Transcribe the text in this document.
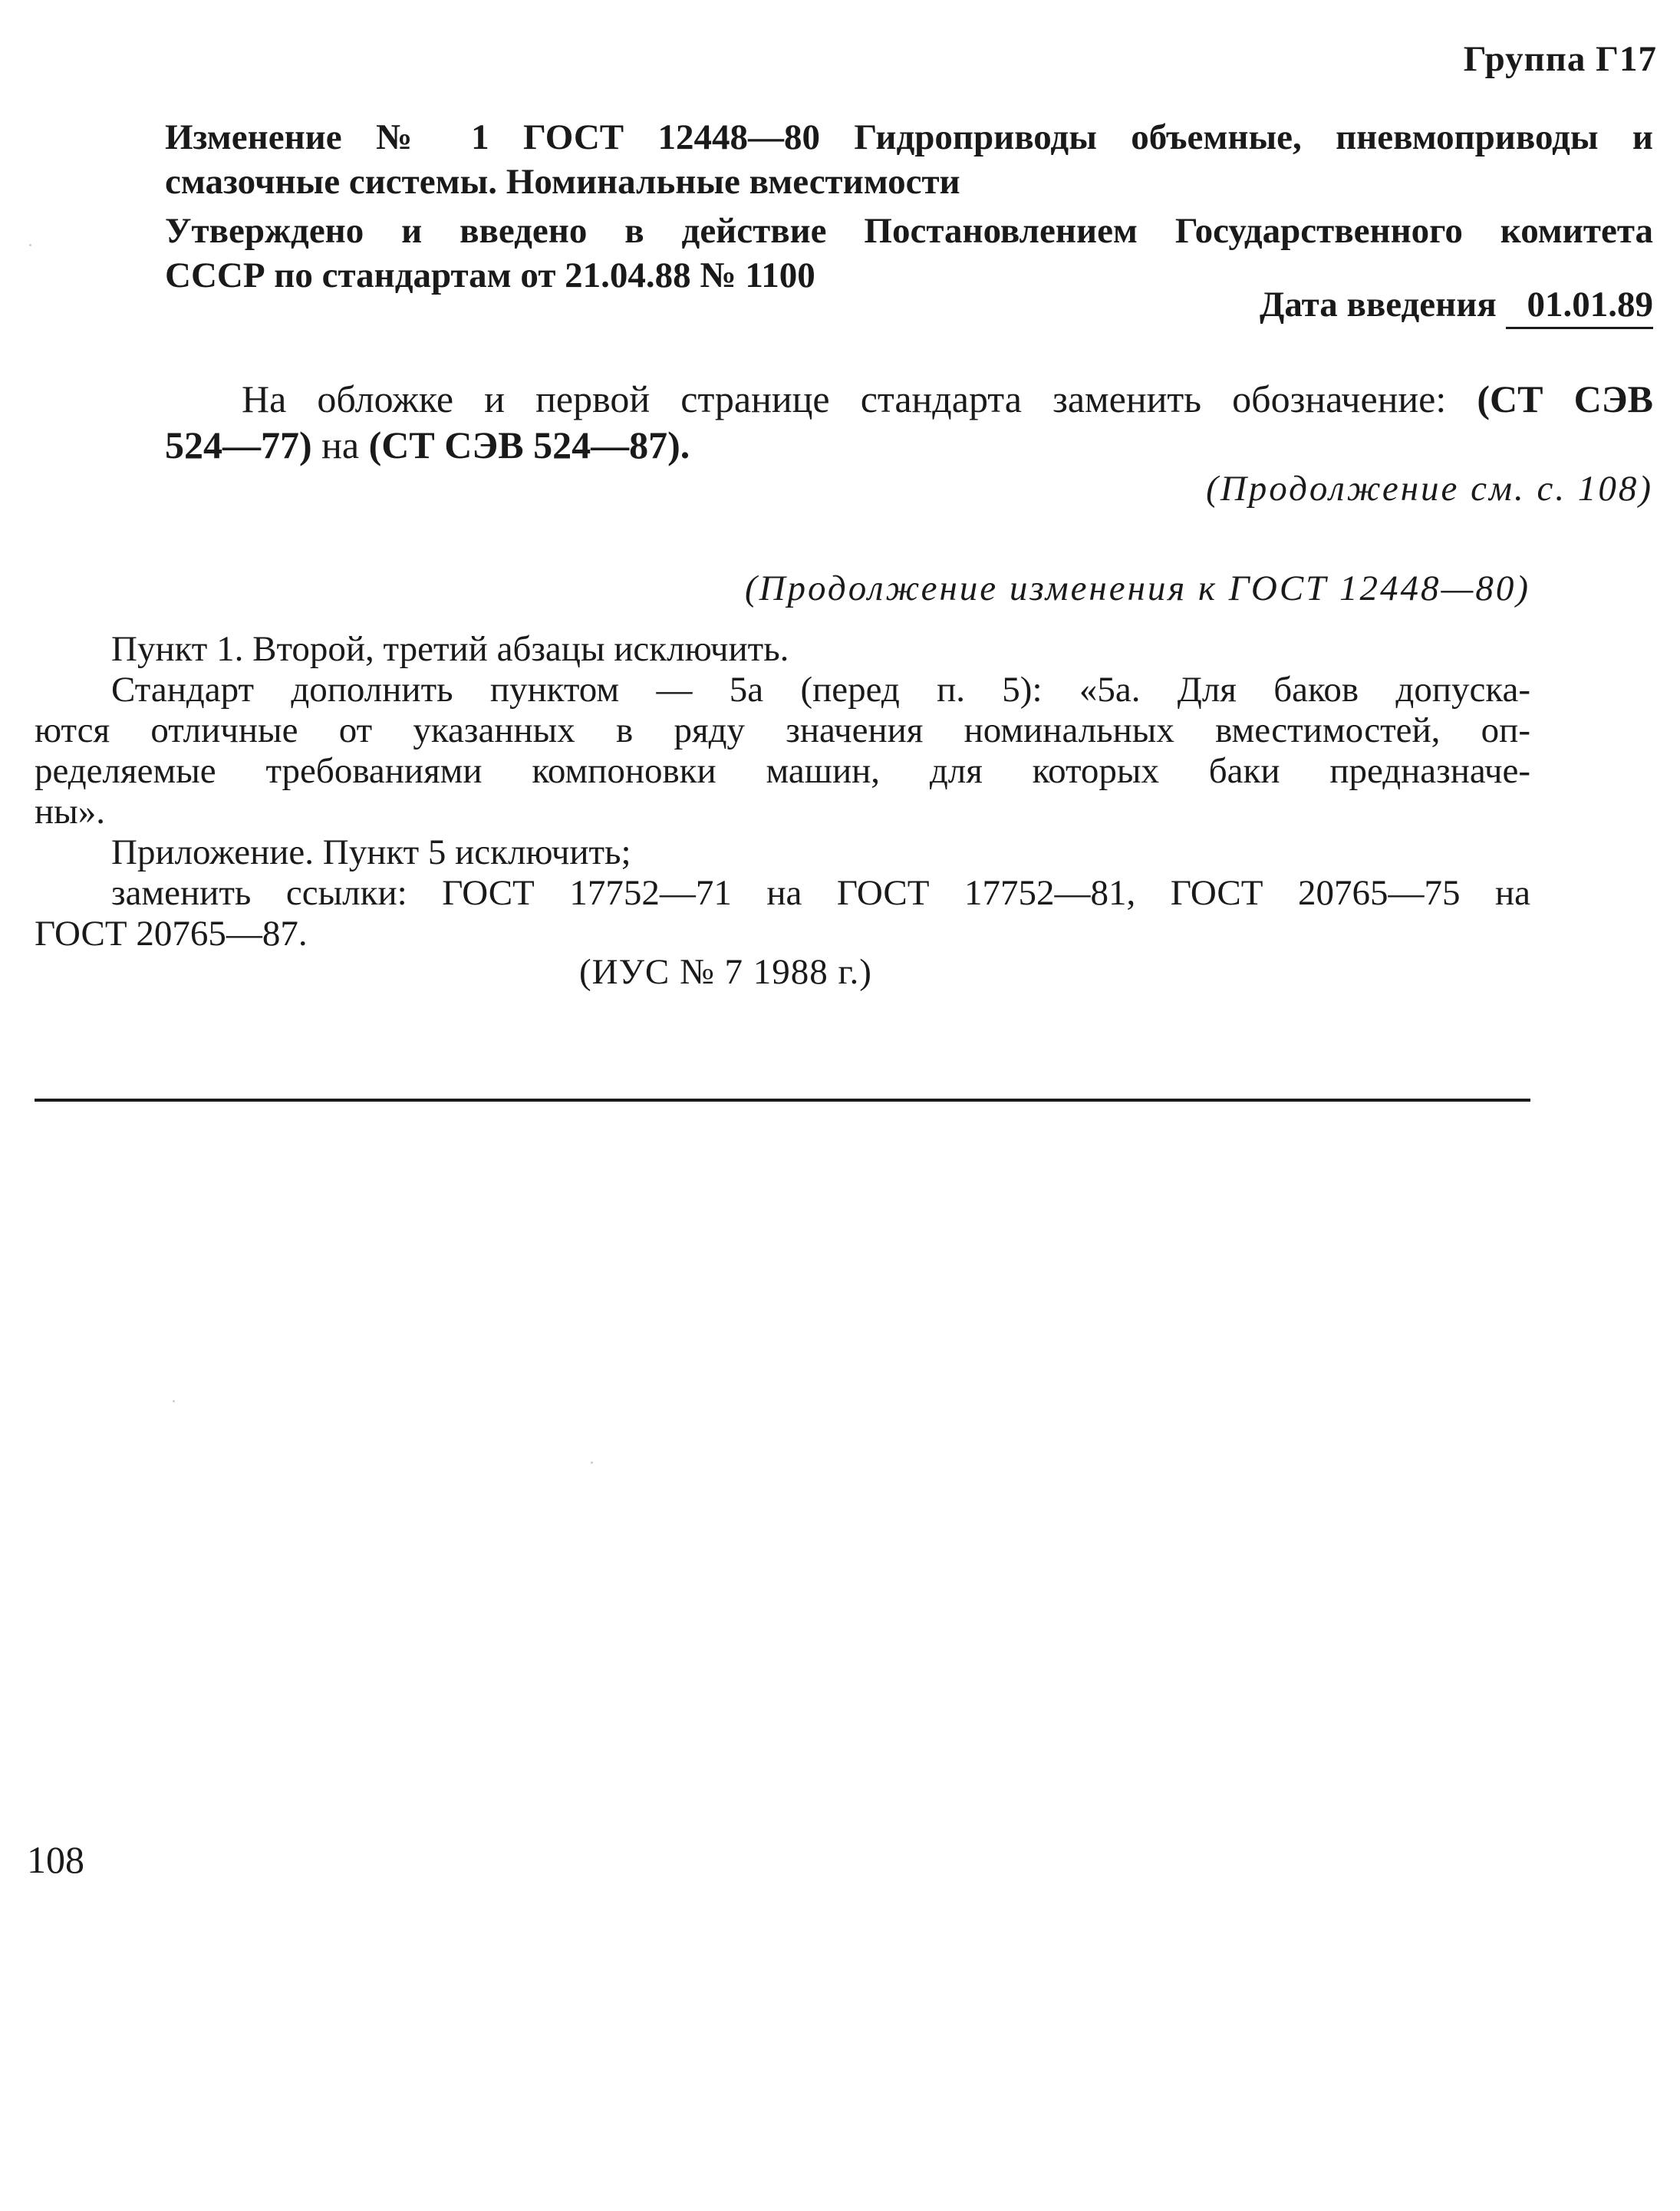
Группа Г17
Изменение № 1 ГОСТ 12448—80 Гидроприводы объемные, пневмоприводы и
смазочные системы. Номинальные вместимости
Утверждено и введено в действие Постановлением Государственного комитета
СССР по стандартам от 21.04.88 № 1100
Дата введения 01.01.89
На обложке и первой странице стандарта заменить обозначение: (СТ СЭВ
524—77) на (СТ СЭВ 524—87).
(Продолжение см. с. 108)
(Продолжение изменения к ГОСТ 12448—80)
Пункт 1. Второй, третий абзацы исключить.
Стандарт дополнить пунктом — 5а (перед п. 5): «5а. Для баков допуска-
ются отличные от указанных в ряду значения номинальных вместимостей, оп-
ределяемые требованиями компоновки машин, для которых баки предназначе-
ны».
Приложение. Пункт 5 исключить;
заменить ссылки: ГОСТ 17752—71 на ГОСТ 17752—81, ГОСТ 20765—75 на
ГОСТ 20765—87.
(ИУС № 7 1988 г.)
108
